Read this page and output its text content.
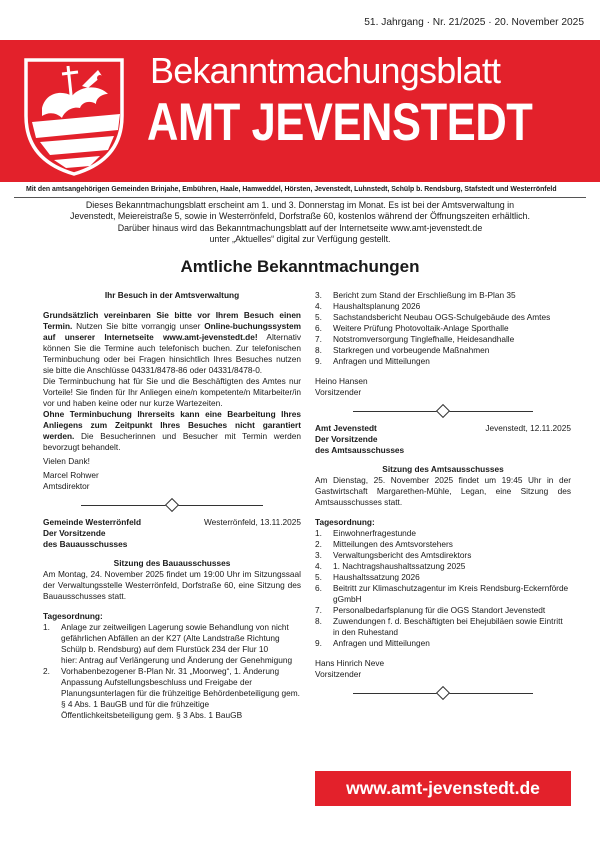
51. Jahrgang · Nr. 21/2025 · 20. November 2025
Bekanntmachungsblatt
AMT JEVENSTEDT
Mit den amtsangehörigen Gemeinden Brinjahe, Embühren, Haale, Hamweddel, Hörsten, Jevenstedt, Luhnstedt, Schülp b. Rendsburg, Stafstedt und Westerrönfeld

Dieses Bekanntmachungsblatt erscheint am 1. und 3. Donnerstag im Monat. Es ist bei der Amtsverwaltung in

Jevenstedt, Meiereistraße 5, sowie in Westerrönfeld, Dorfstraße 60, kostenlos während der Öffnungszeiten erhältlich.

Darüber hinaus wird das Bekanntmachungsblatt auf der Internetseite www.amt-jevenstedt.de

unter „Aktuelles“ digital zur Verfügung gestellt.

Amtliche Bekanntmachungen

Ihr Besuch in der Amtsverwaltung

Grundsätzlich vereinbaren Sie bitte vor Ihrem Besuch einen Termin. Nutzen Sie bitte vorrangig unser Online-buchungssystem auf unserer Internetseite www.amt-jevenstedt.de! Alternativ können Sie die Termine auch telefonisch buchen. Zur telefonischen Terminbuchung oder bei Fragen hinsichtlich Ihres Besuches nutzen sie bitte die Anschlüsse 04331/8478-86 oder 04331/8478-0.

Die Terminbuchung hat für Sie und die Beschäftigten des Amtes nur Vorteile! Sie finden für Ihr Anliegen eine/n kompetente/n Mitarbeiter/in vor und haben keine oder nur kurze Wartezeiten.

Ohne Terminbuchung Ihrerseits kann eine Bearbeitung Ihres Anliegens zum Zeitpunkt Ihres Besuches nicht garantiert werden. Die Besucherinnen und Besucher mit Termin werden bevorzugt behandelt.

Vielen Dank!

Marcel Rohwer

Amtsdirektor

Gemeinde Westerrönfeld	Westerrönfeld, 13.11.2025

Der Vorsitzende

des Bauausschusses

Sitzung des Bauausschusses

Am Montag, 24. November 2025 findet um 19:00 Uhr im Sitzungssaal der Verwaltungsstelle Westerrönfeld, Dorfstraße 60, eine Sitzung des Bauausschusses statt.

Tagesordnung:

1. Anlage zur zeitweiligen Lagerung sowie Behandlung von nicht gefährlichen Abfällen an der K27 (Alte Landstraße Richtung Schülp b. Rendsburg) auf dem Flurstück 234 der Flur 10
hier: Antrag auf Verlängerung und Änderung der Genehmigung
2. Vorhabenbezogener B-Plan Nr. 31 „Moorweg“, 1. Änderung Anpassung Aufstellungsbeschluss und Freigabe der Planungsunterlagen für die frühzeitige Behördenbeteiligung gem. § 4 Abs. 1 BauGB und für die frühzeitige Öffentlichkeitsbeteiligung gem. § 3 Abs. 1 BauGB
3. Bericht zum Stand der Erschließung im B-Plan 35
4. Haushaltsplanung 2026
5. Sachstandsbericht Neubau OGS-Schulgebäude des Amtes
6. Weitere Prüfung Photovoltaik-Anlage Sporthalle
7. Notstromversorgung Tinglefhalle, Heidesandhalle
8. Starkregen und vorbeugende Maßnahmen
9. Anfragen und Mitteilungen

Heino Hansen

Vorsitzender

Amt Jevenstedt	Jevenstedt, 12.11.2025

Der Vorsitzende

des Amtsausschusses

Sitzung des Amtsausschusses

Am Dienstag, 25. November 2025 findet um 19:45 Uhr in der Gastwirtschaft Margarethen-Mühle, Legan, eine Sitzung des Amtsausschusses statt.

Tagesordnung:

1. Einwohnerfragestunde
2. Mitteilungen des Amtsvorstehers
3. Verwaltungsbericht des Amtsdirektors
4. 1. Nachtragshaushaltssatzung 2025
5. Haushaltssatzung 2026
6. Beitritt zur Klimaschutzagentur im Kreis Rendsburg-Eckernförde gGmbH
7. Personalbedarfsplanung für die OGS Standort Jevenstedt
8. Zuwendungen f. d. Beschäftigten bei Ehejubiläen sowie Eintritt in den Ruhestand
9. Anfragen und Mitteilungen

Hans Hinrich Neve

Vorsitzender

www.amt-jevenstedt.de
